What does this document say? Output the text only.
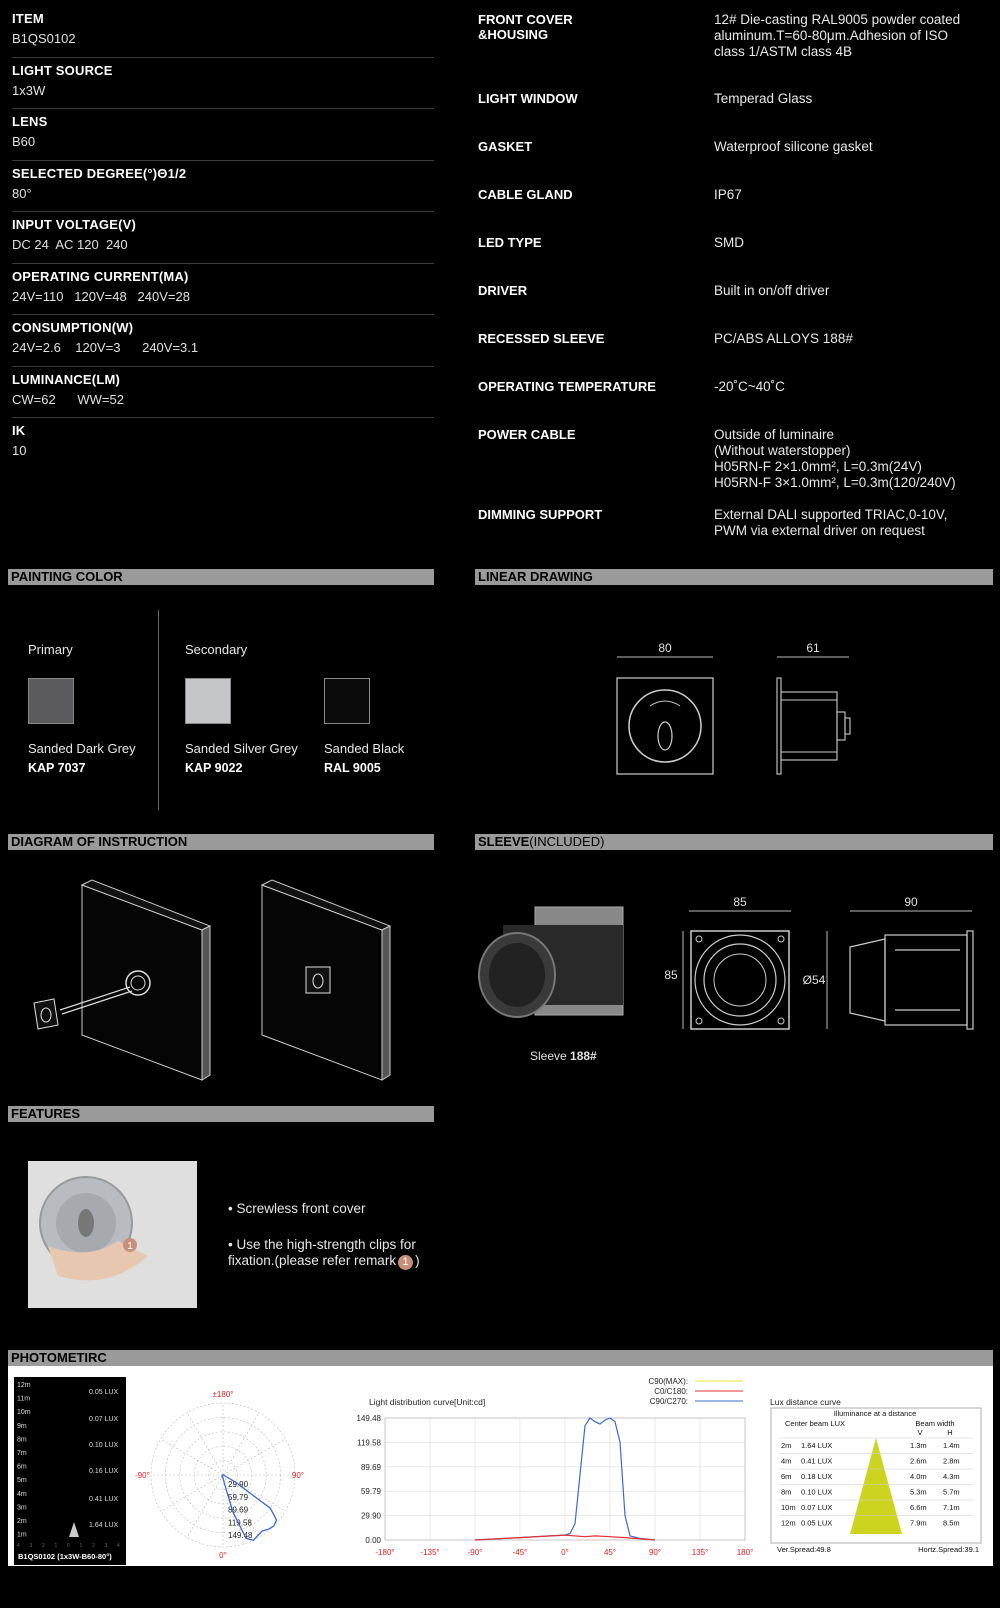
ITEM
B1QS0102
LIGHT SOURCE
1x3W
LENS
B60
SELECTED DEGREE(°)Θ1/2
80°
INPUT VOLTAGE(V)
DC 24  AC 120  240
OPERATING CURRENT(MA)
24V=110   120V=48   240V=28
CONSUMPTION(W)
24V=2.6    120V=3      240V=3.1
LUMINANCE(LM)
CW=62      WW=52
IK
10
FRONT COVER
&HOUSING
12# Die-casting RAL9005 powder coated
aluminum.T=60-80μm.Adhesion of ISO
class 1/ASTM class 4B
LIGHT WINDOW	Temperad Glass
GASKET	Waterproof silicone gasket
CABLE GLAND	IP67
LED TYPE	SMD
DRIVER	Built in on/off driver
RECESSED SLEEVE	PC/ABS ALLOYS 188#
OPERATING TEMPERATURE	-20˚C~40˚C
POWER CABLE	Outside of luminaire
(Without waterstopper)
H05RN-F 2×1.0mm², L=0.3m(24V)
H05RN-F 3×1.0mm², L=0.3m(120/240V)
DIMMING SUPPORT	External DALI supported TRIAC,0-10V,
PWM via external driver on request
PAINTING COLOR	LINEAR DRAWING
DIAGRAM OF INSTRUCTION	SLEEVE(INCLUDED)
FEATURES
PHOTOMETIRC
Primary	Secondary
Sanded Dark Grey
KAP 7037
Sanded Silver Grey
KAP 9022
Sanded Black
RAL 9005
80	61
Sleeve 188#
85
85	Ø54
90
1
• Screwless front cover
• Use the high-strength clips for
fixation.(please refer remark 1 )
12m
11m
10m
9m
8m
7m
6m
5m
4m
3m
2m
1m
0.05 LUX
0.07 LUX
0.10 LUX
0.16 LUX
0.41 LUX
1.64 LUX
4 3 2 1 0 1 2 3 4
B1QS0102 (1x3W-B60-80°)
±180°
-90°	90°
0°
29.90
59.79
89.69
119.58
149.48
C90(MAX):
C0/C180:
C90/C270:
Light distribution curve[Unit:cd]
149.48
119.58
89.69
59.79
29.90
0.00
-180°	-135°	-90°	-45°	0°	45°	90°	135°	180°
Lux distance curve
Illuminance at a distance
Center beam LUX	Beam width
V	H
2m 1.64 LUX	1.3m 1.4m
4m 0.41 LUX	2.6m 2.8m
6m 0.18 LUX	4.0m 4.3m
8m 0.10 LUX	5.3m 5.7m
10m 0.07 LUX	6.6m 7.1m
12m 0.05 LUX	7.9m 8.5m
Ver.Spread:49.8	Hortz.Spread:39.1
